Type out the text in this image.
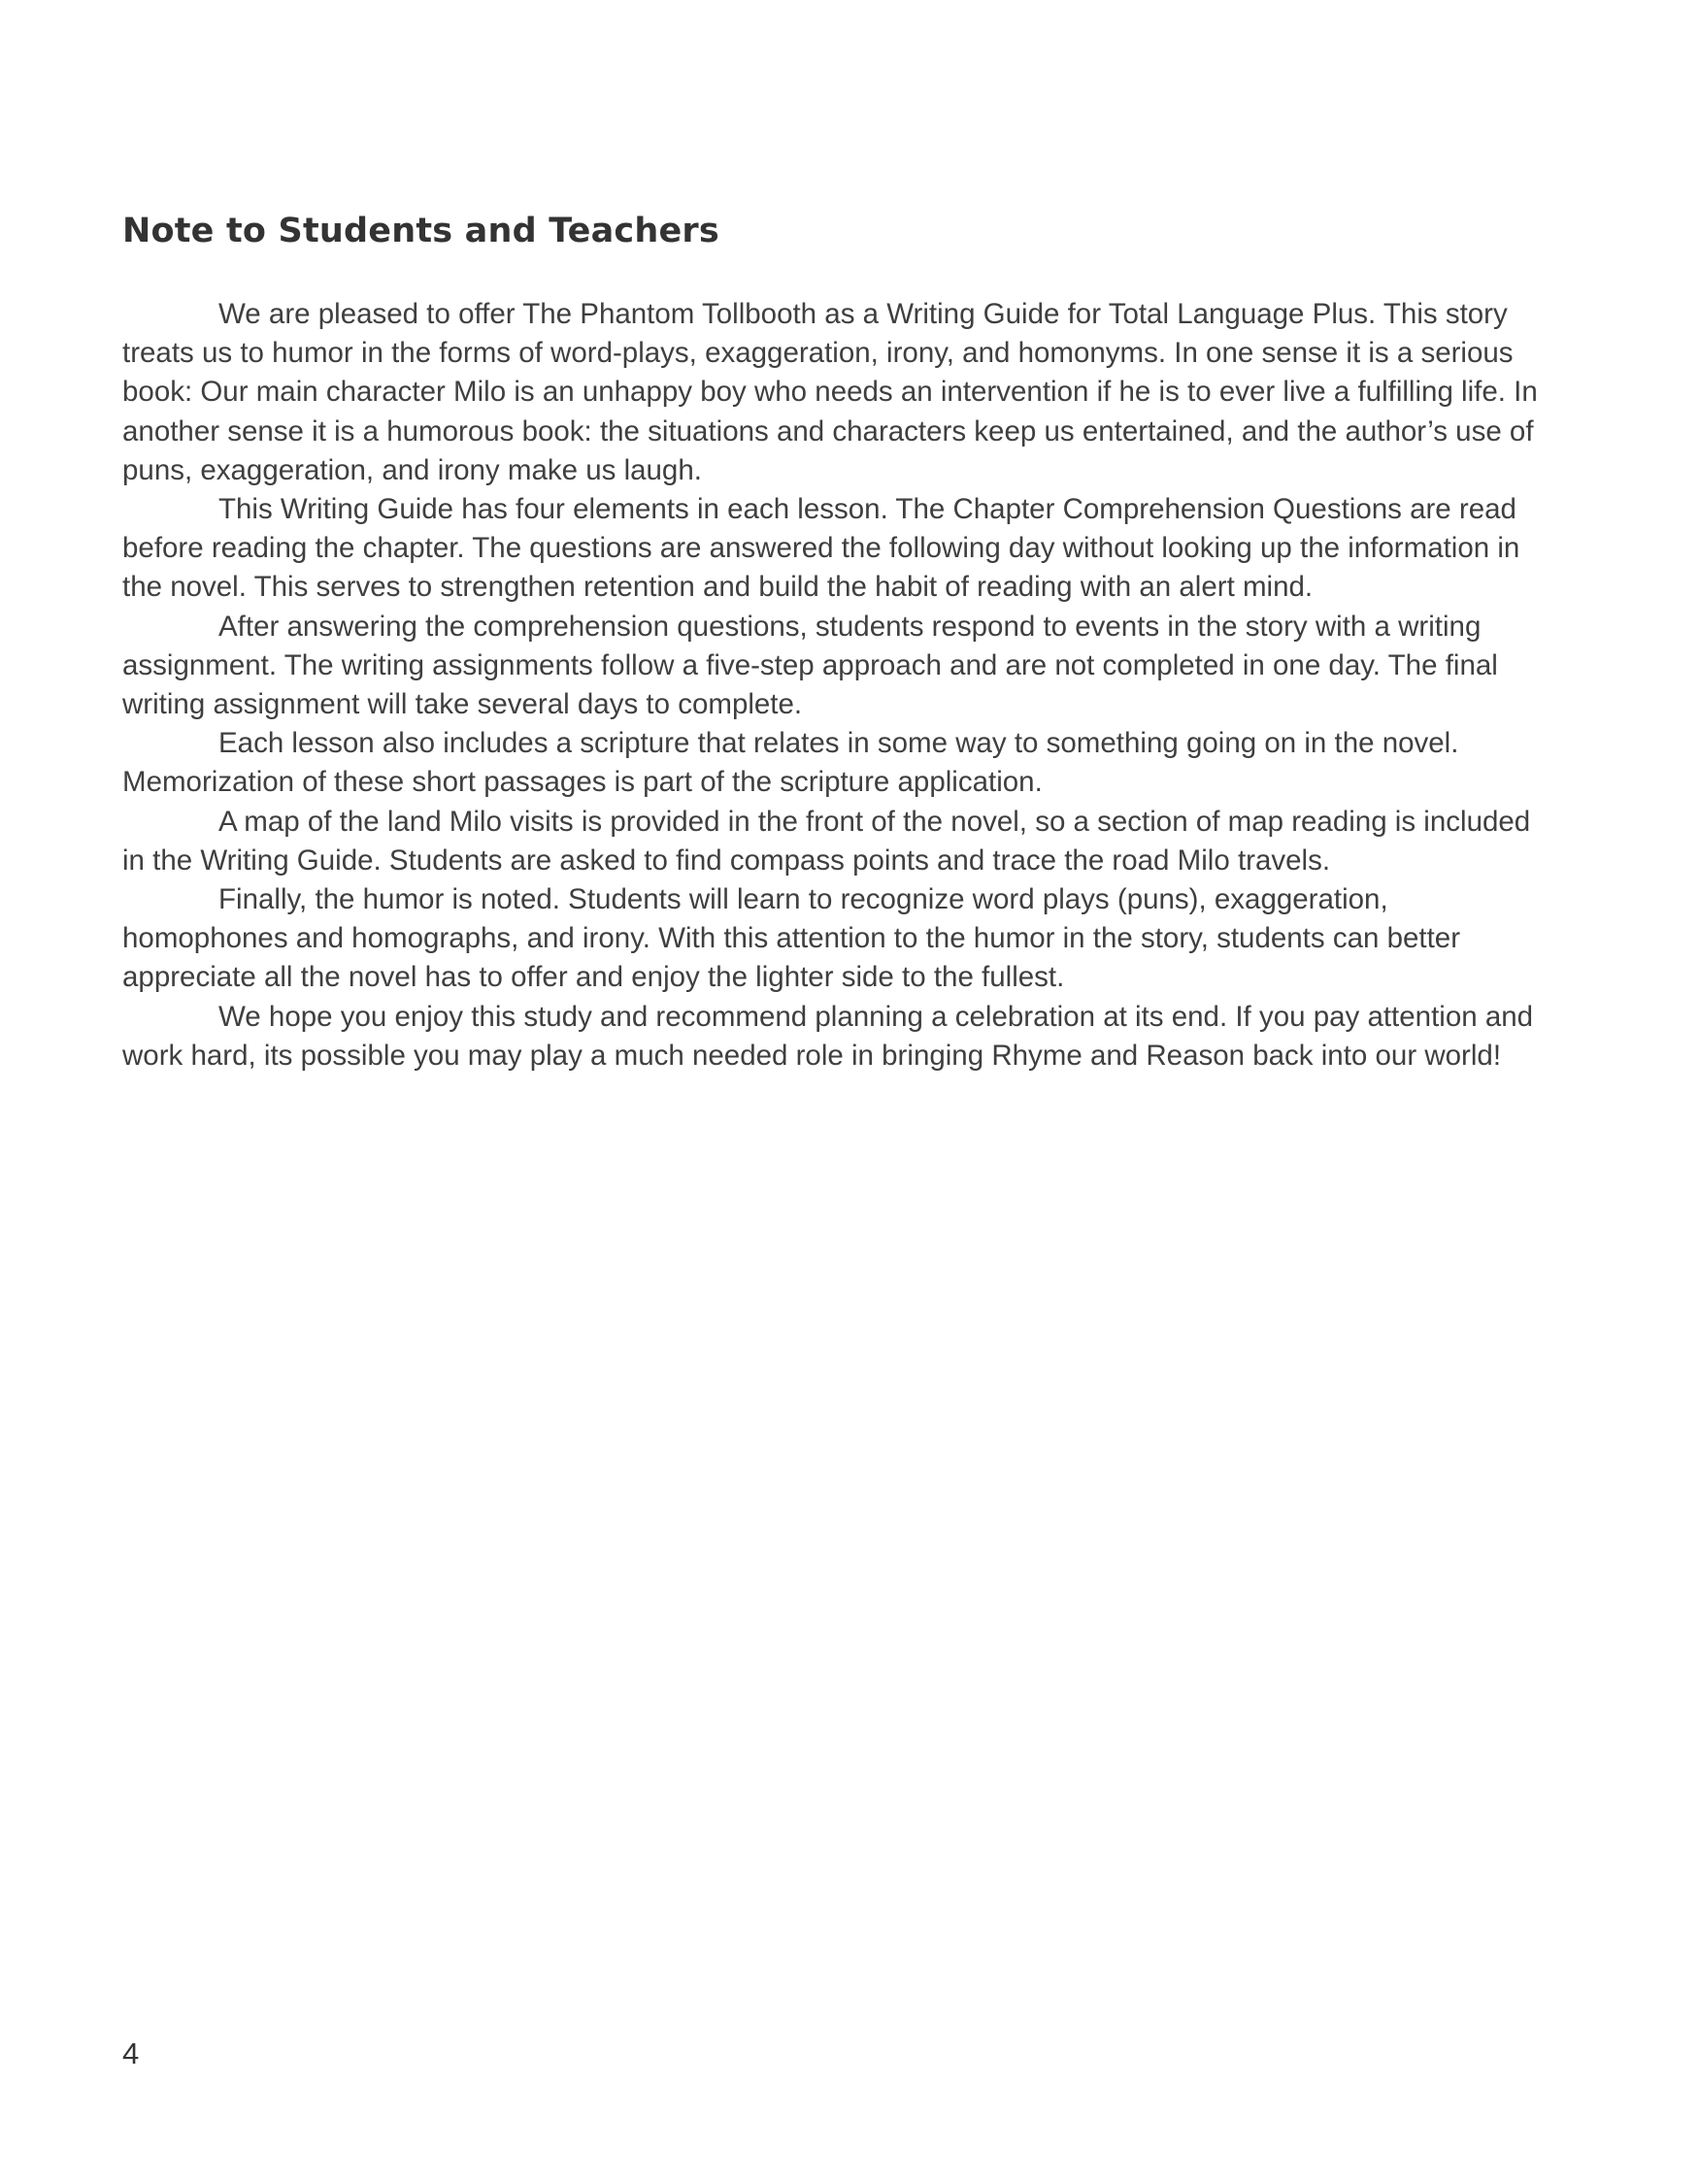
Note to Students and Teachers

We are pleased to offer The Phantom Tollbooth as a Writing Guide for Total Language Plus. This story treats us to humor in the forms of word-plays, exaggeration, irony, and homonyms. In one sense it is a serious book: Our main character Milo is an unhappy boy who needs an intervention if he is to ever live a fulfilling life. In another sense it is a humorous book: the situations and characters keep us entertained, and the author’s use of puns, exaggeration, and irony make us laugh.

This Writing Guide has four elements in each lesson. The Chapter Comprehension Questions are read before reading the chapter. The questions are answered the following day without looking up the information in the novel. This serves to strengthen retention and build the habit of reading with an alert mind.

After answering the comprehension questions, students respond to events in the story with a writing assignment. The writing assignments follow a five-step approach and are not completed in one day. The final writing assignment will take several days to complete.

Each lesson also includes a scripture that relates in some way to something going on in the novel. Memorization of these short passages is part of the scripture application.

A map of the land Milo visits is provided in the front of the novel, so a section of map reading is included in the Writing Guide. Students are asked to find compass points and trace the road Milo travels.

Finally, the humor is noted. Students will learn to recognize word plays (puns), exaggeration, homophones and homographs, and irony. With this attention to the humor in the story, students can better appreciate all the novel has to offer and enjoy the lighter side to the fullest.

We hope you enjoy this study and recommend planning a celebration at its end. If you pay attention and work hard, its possible you may play a much needed role in bringing Rhyme and Reason back into our world!

4
